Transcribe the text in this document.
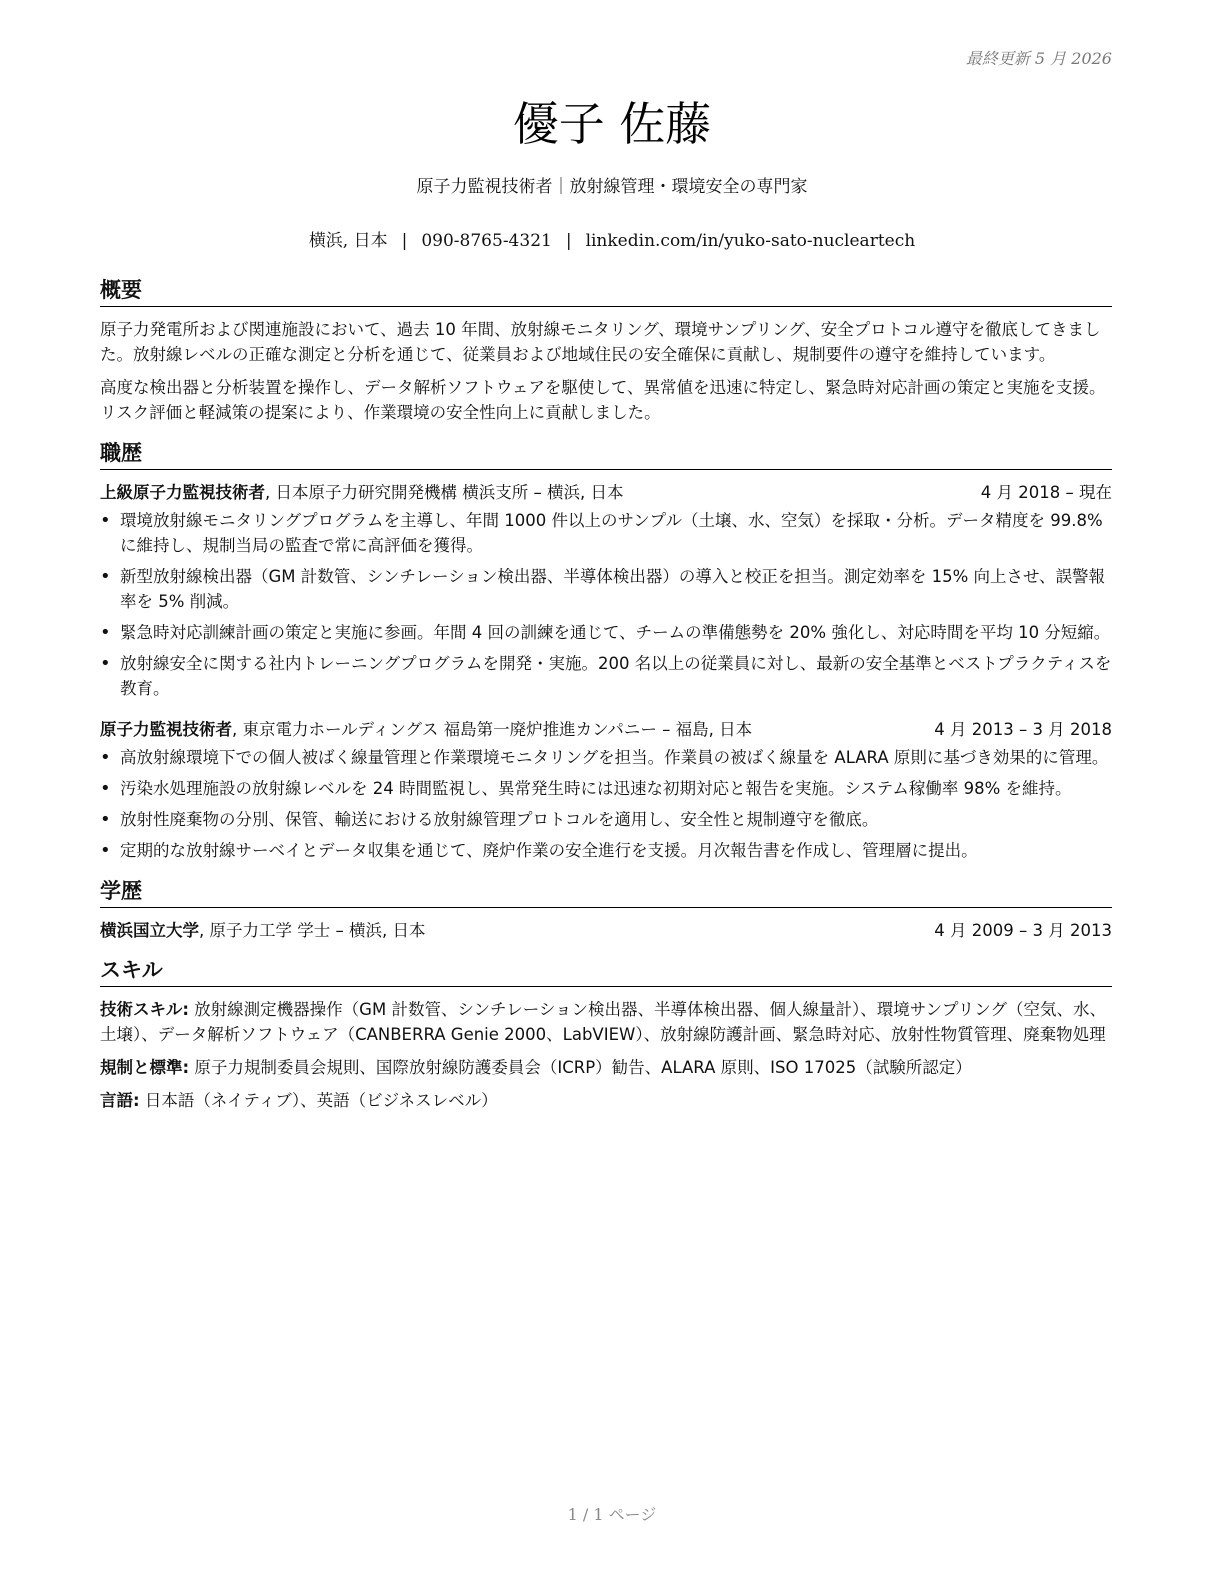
最終更新 5 月 2026
優子 佐藤
原子力監視技術者｜放射線管理・環境安全の専門家
横浜, 日本 | 090-8765-4321 | linkedin.com/in/yuko-sato-nucleartech
概要

原子力発電所および関連施設において、過去 10 年間、放射線モニタリング、環境サンプリング、安全プロトコル遵守を徹底してきました。放射線レベルの正確な測定と分析を通じて、従業員および地域住民の安全確保に貢献し、規制要件の遵守を維持しています。

高度な検出器と分析装置を操作し、データ解析ソフトウェアを駆使して、異常値を迅速に特定し、緊急時対応計画の策定と実施を支援。リスク評価と軽減策の提案により、作業環境の安全性向上に貢献しました。

職歴
上級原子力監視技術者, 日本原子力研究開発機構 横浜支所 – 横浜, 日本	4 月 2018 – 現在
• 環境放射線モニタリングプログラムを主導し、年間 1000 件以上のサンプル（土壌、水、空気）を採取・分析。データ精度を 99.8% に維持し、規制当局の監査で常に高評価を獲得。
• 新型放射線検出器（GM 計数管、シンチレーション検出器、半導体検出器）の導入と校正を担当。測定効率を 15% 向上させ、誤警報率を 5% 削減。
• 緊急時対応訓練計画の策定と実施に参画。年間 4 回の訓練を通じて、チームの準備態勢を 20% 強化し、対応時間を平均 10 分短縮。
• 放射線安全に関する社内トレーニングプログラムを開発・実施。200 名以上の従業員に対し、最新の安全基準とベストプラクティスを教育。
原子力監視技術者, 東京電力ホールディングス 福島第一廃炉推進カンパニー – 福島, 日本	4 月 2013 – 3 月 2018
• 高放射線環境下での個人被ばく線量管理と作業環境モニタリングを担当。作業員の被ばく線量を ALARA 原則に基づき効果的に管理。
• 汚染水処理施設の放射線レベルを 24 時間監視し、異常発生時には迅速な初期対応と報告を実施。システム稼働率 98% を維持。
• 放射性廃棄物の分別、保管、輸送における放射線管理プロトコルを適用し、安全性と規制遵守を徹底。
• 定期的な放射線サーベイとデータ収集を通じて、廃炉作業の安全進行を支援。月次報告書を作成し、管理層に提出。
学歴
横浜国立大学, 原子力工学 学士 – 横浜, 日本	4 月 2009 – 3 月 2013
スキル

技術スキル: 放射線測定機器操作（GM 計数管、シンチレーション検出器、半導体検出器、個人線量計）、環境サンプリング（空気、水、土壌）、データ解析ソフトウェア（CANBERRA Genie 2000、LabVIEW）、放射線防護計画、緊急時対応、放射性物質管理、廃棄物処理

規制と標準: 原子力規制委員会規則、国際放射線防護委員会（ICRP）勧告、ALARA 原則、ISO 17025（試験所認定）

言語: 日本語（ネイティブ）、英語（ビジネスレベル）

1 / 1 ページ
